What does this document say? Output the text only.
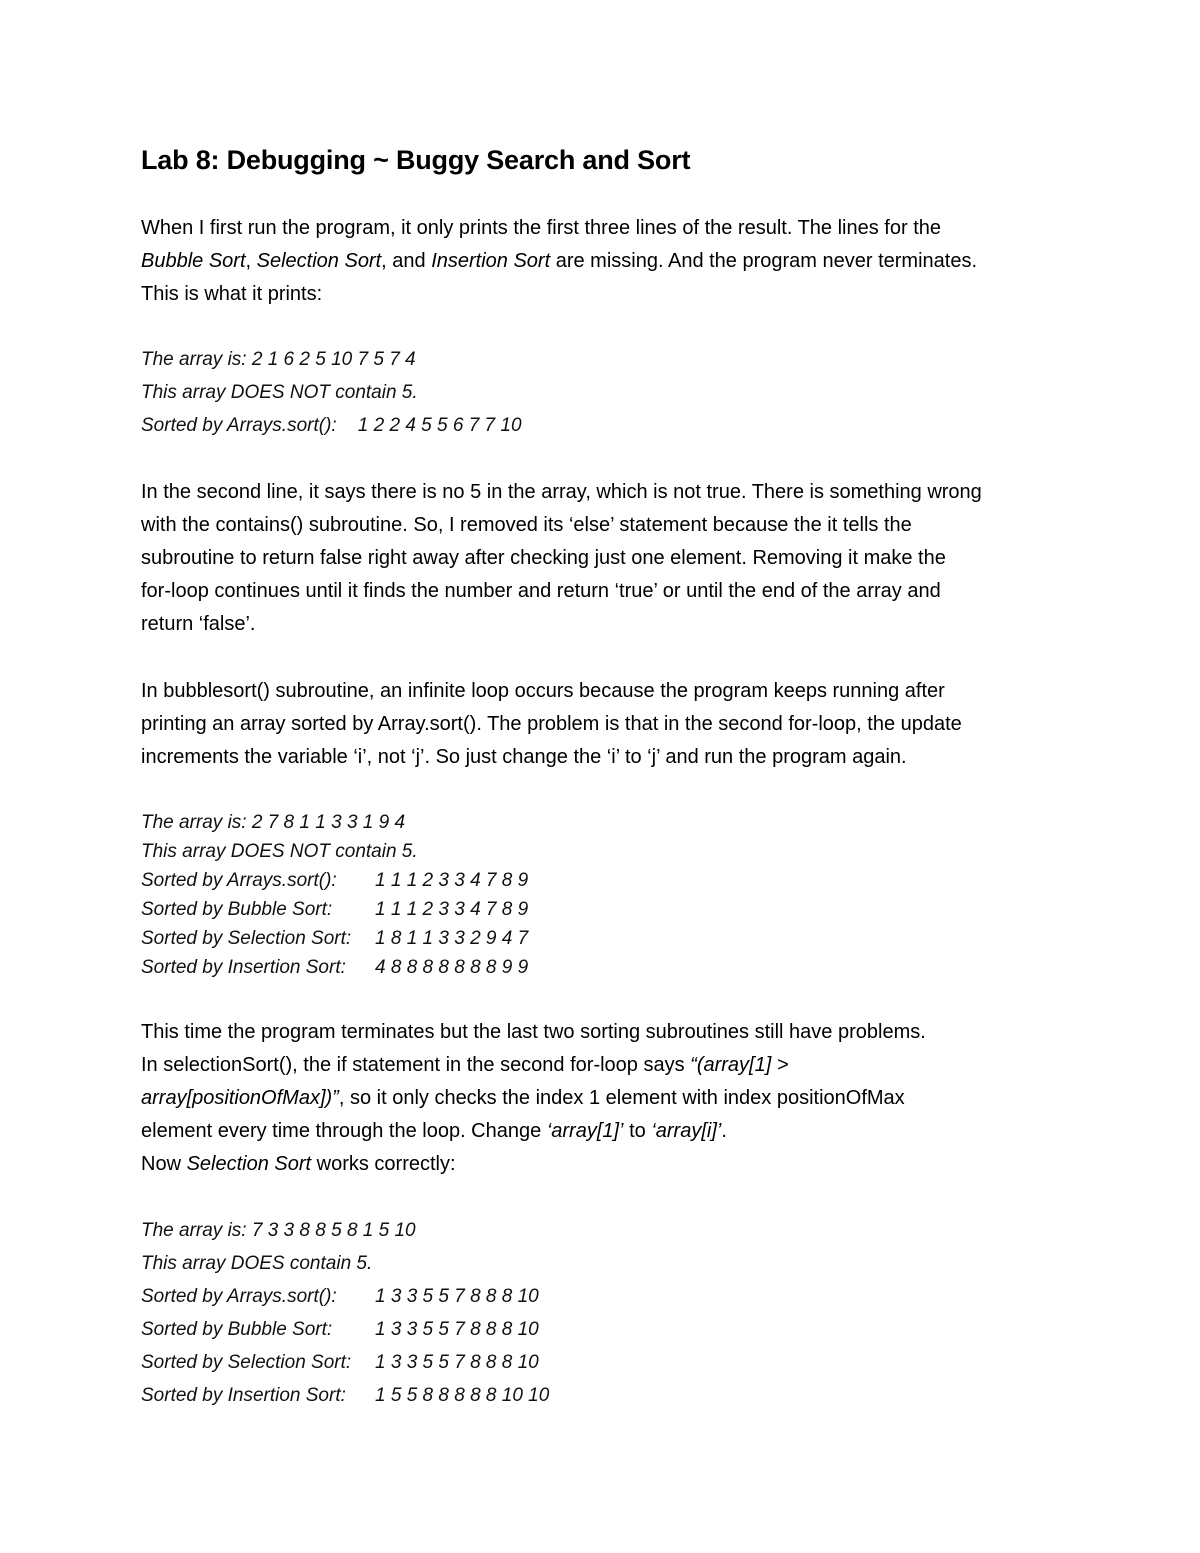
Lab 8: Debugging ~ Buggy Search and Sort

When I first run the program, it only prints the first three lines of the result. The lines for the

Bubble Sort, Selection Sort, and Insertion Sort are missing. And the program never terminates.

This is what it prints:

The array is: 2 1 6 2 5 10 7 5 7 4

This array DOES NOT contain 5.

Sorted by Arrays.sort():    1 2 2 4 5 5 6 7 7 10

In the second line, it says there is no 5 in the array, which is not true. There is something wrong

with the contains() subroutine. So, I removed its ‘else’ statement because the it tells the

subroutine to return false right away after checking just one element. Removing it make the

for-loop continues until it finds the number and return ‘true’ or until the end of the array and

return ‘false’.

In bubblesort() subroutine, an infinite loop occurs because the program keeps running after

printing an array sorted by Array.sort(). The problem is that in the second for-loop, the update

increments the variable ‘i’, not ‘j’. So just change the ‘i’ to ‘j’ and run the program again.

The array is: 2 7 8 1 1 3 3 1 9 4

This array DOES NOT contain 5.

Sorted by Arrays.sort(): 1 1 1 2 3 3 4 7 8 9

Sorted by Bubble Sort: 1 1 1 2 3 3 4 7 8 9

Sorted by Selection Sort: 1 8 1 1 3 3 2 9 4 7

Sorted by Insertion Sort: 4 8 8 8 8 8 8 8 9 9

This time the program terminates but the last two sorting subroutines still have problems.

In selectionSort(), the if statement in the second for-loop says “(array[1] >

array[positionOfMax])”, so it only checks the index 1 element with index positionOfMax

element every time through the loop. Change ‘array[1]’ to ‘array[i]’.

Now Selection Sort works correctly:

The array is: 7 3 3 8 8 5 8 1 5 10

This array DOES contain 5.

Sorted by Arrays.sort(): 1 3 3 5 5 7 8 8 8 10

Sorted by Bubble Sort: 1 3 3 5 5 7 8 8 8 10

Sorted by Selection Sort: 1 3 3 5 5 7 8 8 8 10

Sorted by Insertion Sort: 1 5 5 8 8 8 8 8 10 10
